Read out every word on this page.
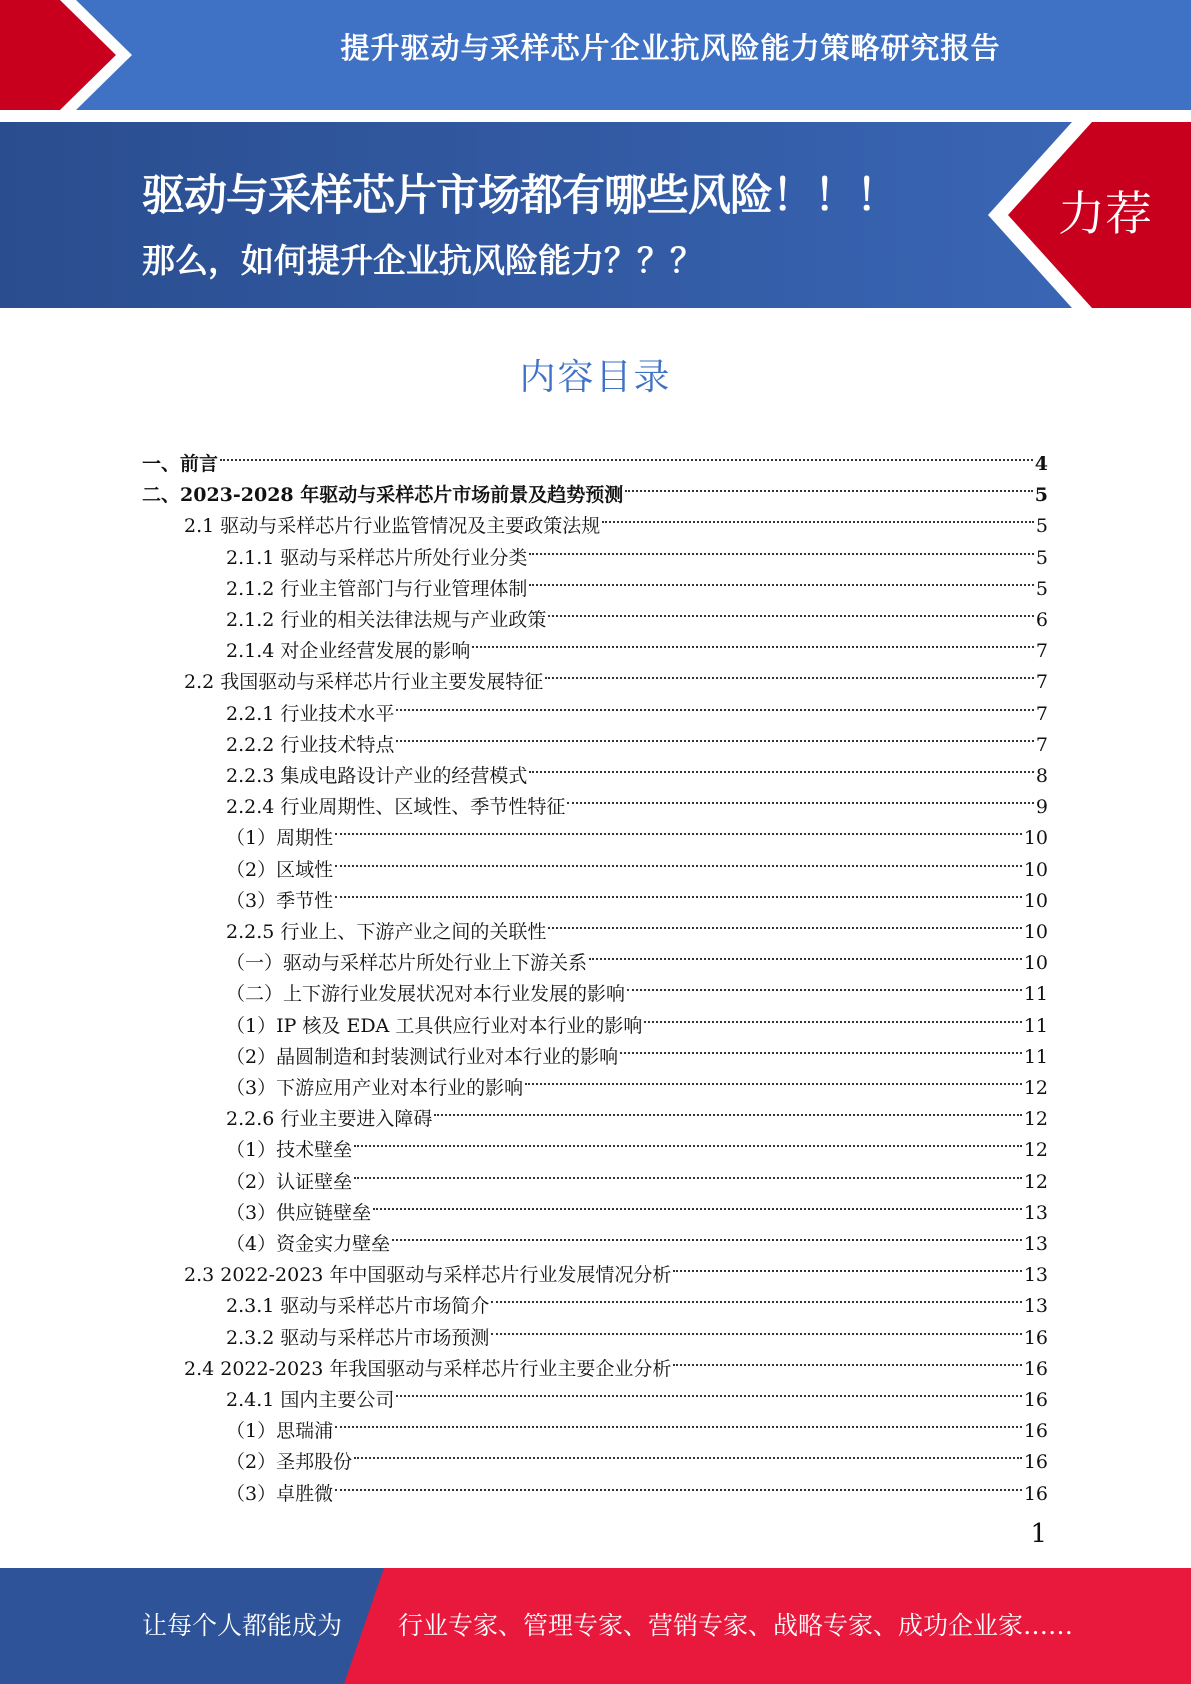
提升驱动与采样芯片企业抗风险能力策略研究报告
驱动与采样芯片市场都有哪些风险！！！
那么，如何提升企业抗风险能力？？？
力荐
内容目录
一、前言	4
二、2023-2028 年驱动与采样芯片市场前景及趋势预测	5
2.1 驱动与采样芯片行业监管情况及主要政策法规	5
2.1.1 驱动与采样芯片所处行业分类	5
2.1.2 行业主管部门与行业管理体制	5
2.1.2 行业的相关法律法规与产业政策	6
2.1.4 对企业经营发展的影响	7
2.2 我国驱动与采样芯片行业主要发展特征	7
2.2.1 行业技术水平	7
2.2.2 行业技术特点	7
2.2.3 集成电路设计产业的经营模式	8
2.2.4 行业周期性、区域性、季节性特征	9
（1）周期性	10
（2）区域性	10
（3）季节性	10
2.2.5 行业上、下游产业之间的关联性	10
（一）驱动与采样芯片所处行业上下游关系	10
（二）上下游行业发展状况对本行业发展的影响	11
（1）IP 核及 EDA 工具供应行业对本行业的影响	11
（2）晶圆制造和封装测试行业对本行业的影响	11
（3）下游应用产业对本行业的影响	12
2.2.6 行业主要进入障碍	12
（1）技术壁垒	12
（2）认证壁垒	12
（3）供应链壁垒	13
（4）资金实力壁垒	13
2.3 2022-2023 年中国驱动与采样芯片行业发展情况分析	13
2.3.1 驱动与采样芯片市场简介	13
2.3.2 驱动与采样芯片市场预测	16
2.4 2022-2023 年我国驱动与采样芯片行业主要企业分析	16
2.4.1 国内主要公司	16
（1）思瑞浦	16
（2）圣邦股份	16
（3）卓胜微	16
1
让每个人都能成为 行业专家、管理专家、营销专家、战略专家、成功企业家……
